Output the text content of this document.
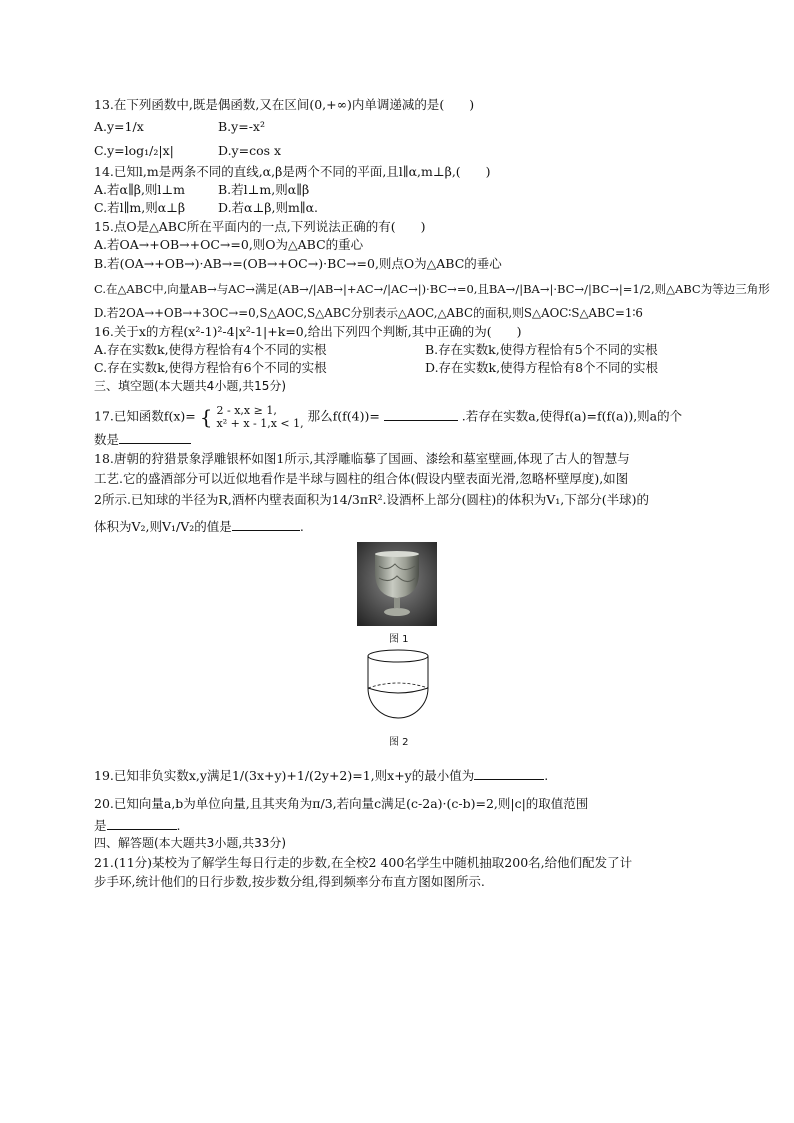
13.在下列函数中,既是偶函数,又在区间(0,+∞)内单调递减的是(　　)
A.y=1/x	B.y=-x²
C.y=log₁/₂|x|	D.y=cos x
14.已知l,m是两条不同的直线,α,β是两个不同的平面,且l∥α,m⊥β,(　　)
A.若α∥β,则l⊥m	B.若l⊥m,则α∥β
C.若l∥m,则α⊥β	D.若α⊥β,则m∥α.
15.点O是△ABC所在平面内的一点,下列说法正确的有(　　)
A.若OA→+OB→+OC→=0,则O为△ABC的重心
B.若(OA→+OB→)·AB→=(OB→+OC→)·BC→=0,则点O为△ABC的垂心
C.在△ABC中,向量AB→与AC→满足(AB→/|AB→|+AC→/|AC→|)·BC→=0,且BA→/|BA→|·BC→/|BC→|=1/2,则△ABC为等边三角形
D.若2OA→+OB→+3OC→=0,S△AOC,S△ABC分别表示△AOC,△ABC的面积,则S△AOC∶S△ABC=1∶6
16.关于x的方程(x²-1)²-4|x²-1|+k=0,给出下列四个判断,其中正确的为(　　)
A.存在实数k,使得方程恰有4个不同的实根	B.存在实数k,使得方程恰有5个不同的实根
C.存在实数k,使得方程恰有6个不同的实根	D.存在实数k,使得方程恰有8个不同的实根
三、填空题(本大题共4小题,共15分)
17.已知函数f(x)= { 2 - x,x ≥ 1,
x² + x - 1,x < 1, 那么f(f(4))=	.若存在实数a,使得f(a)=f(f(a)),则a的个
数是
18.唐朝的狩猎景象浮雕银杯如图1所示,其浮雕临摹了国画、漆绘和墓室壁画,体现了古人的智慧与
工艺.它的盛酒部分可以近似地看作是半球与圆柱的组合体(假设内壁表面光滑,忽略杯壁厚度),如图
2所示.已知球的半径为R,酒杯内壁表面积为14/3πR².设酒杯上部分(圆柱)的体积为V₁,下部分(半球)的
体积为V₂,则V₁/V₂的值是	.
图 1
图 2
19.已知非负实数x,y满足1/(3x+y)+1/(2y+2)=1,则x+y的最小值为	.
20.已知向量a,b为单位向量,且其夹角为π/3,若向量c满足(c-2a)·(c-b)=2,则|c|的取值范围
是	.
四、解答题(本大题共3小题,共33分)
21.(11分)某校为了解学生每日行走的步数,在全校2 400名学生中随机抽取200名,给他们配发了计
步手环,统计他们的日行步数,按步数分组,得到频率分布直方图如图所示.
